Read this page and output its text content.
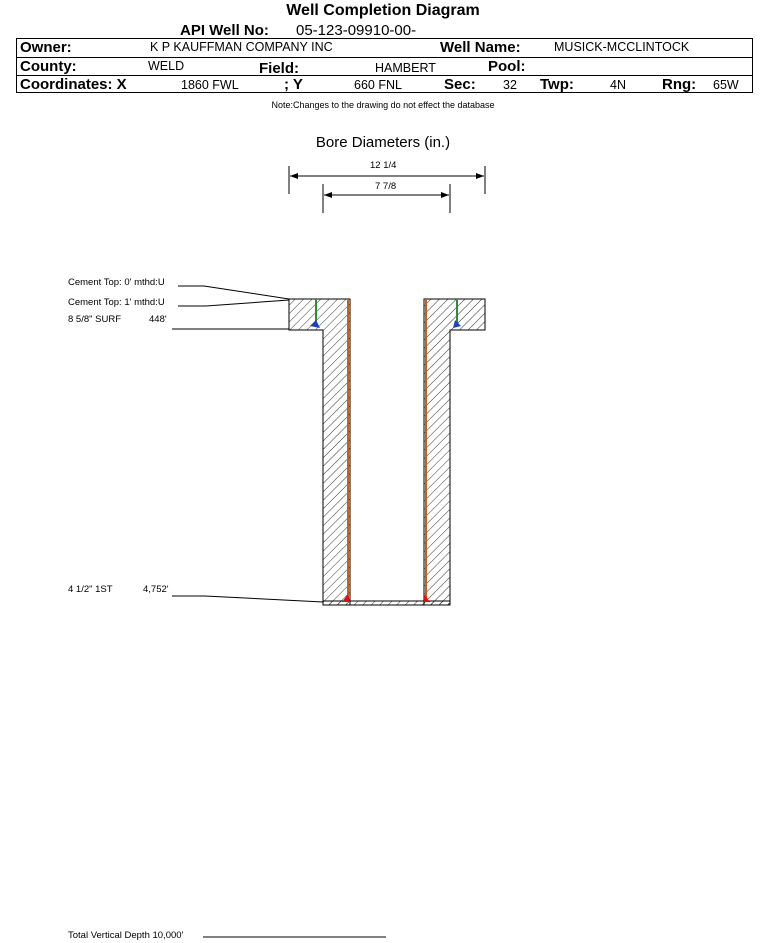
Well Completion Diagram
API Well No: 05-123-09910-00-
Owner:	K P KAUFFMAN COMPANY INC	Well Name:	MUSICK-MCCLINTOCK
County:	WELD	Field:	HAMBERT	Pool:
Coordinates: X	1860 FWL	; Y	660 FNL	Sec: 32 Twp:	4N Rng: 65W
Note:Changes to the drawing do not effect the database
Bore Diameters (in.)
12 1/4
7 7/8
Cement Top: 0' mthd:U
Cement Top: 1' mthd:U
8 5/8" SURF	448'
4 1/2" 1ST	4,752'
Total Vertical Depth 10,000'
